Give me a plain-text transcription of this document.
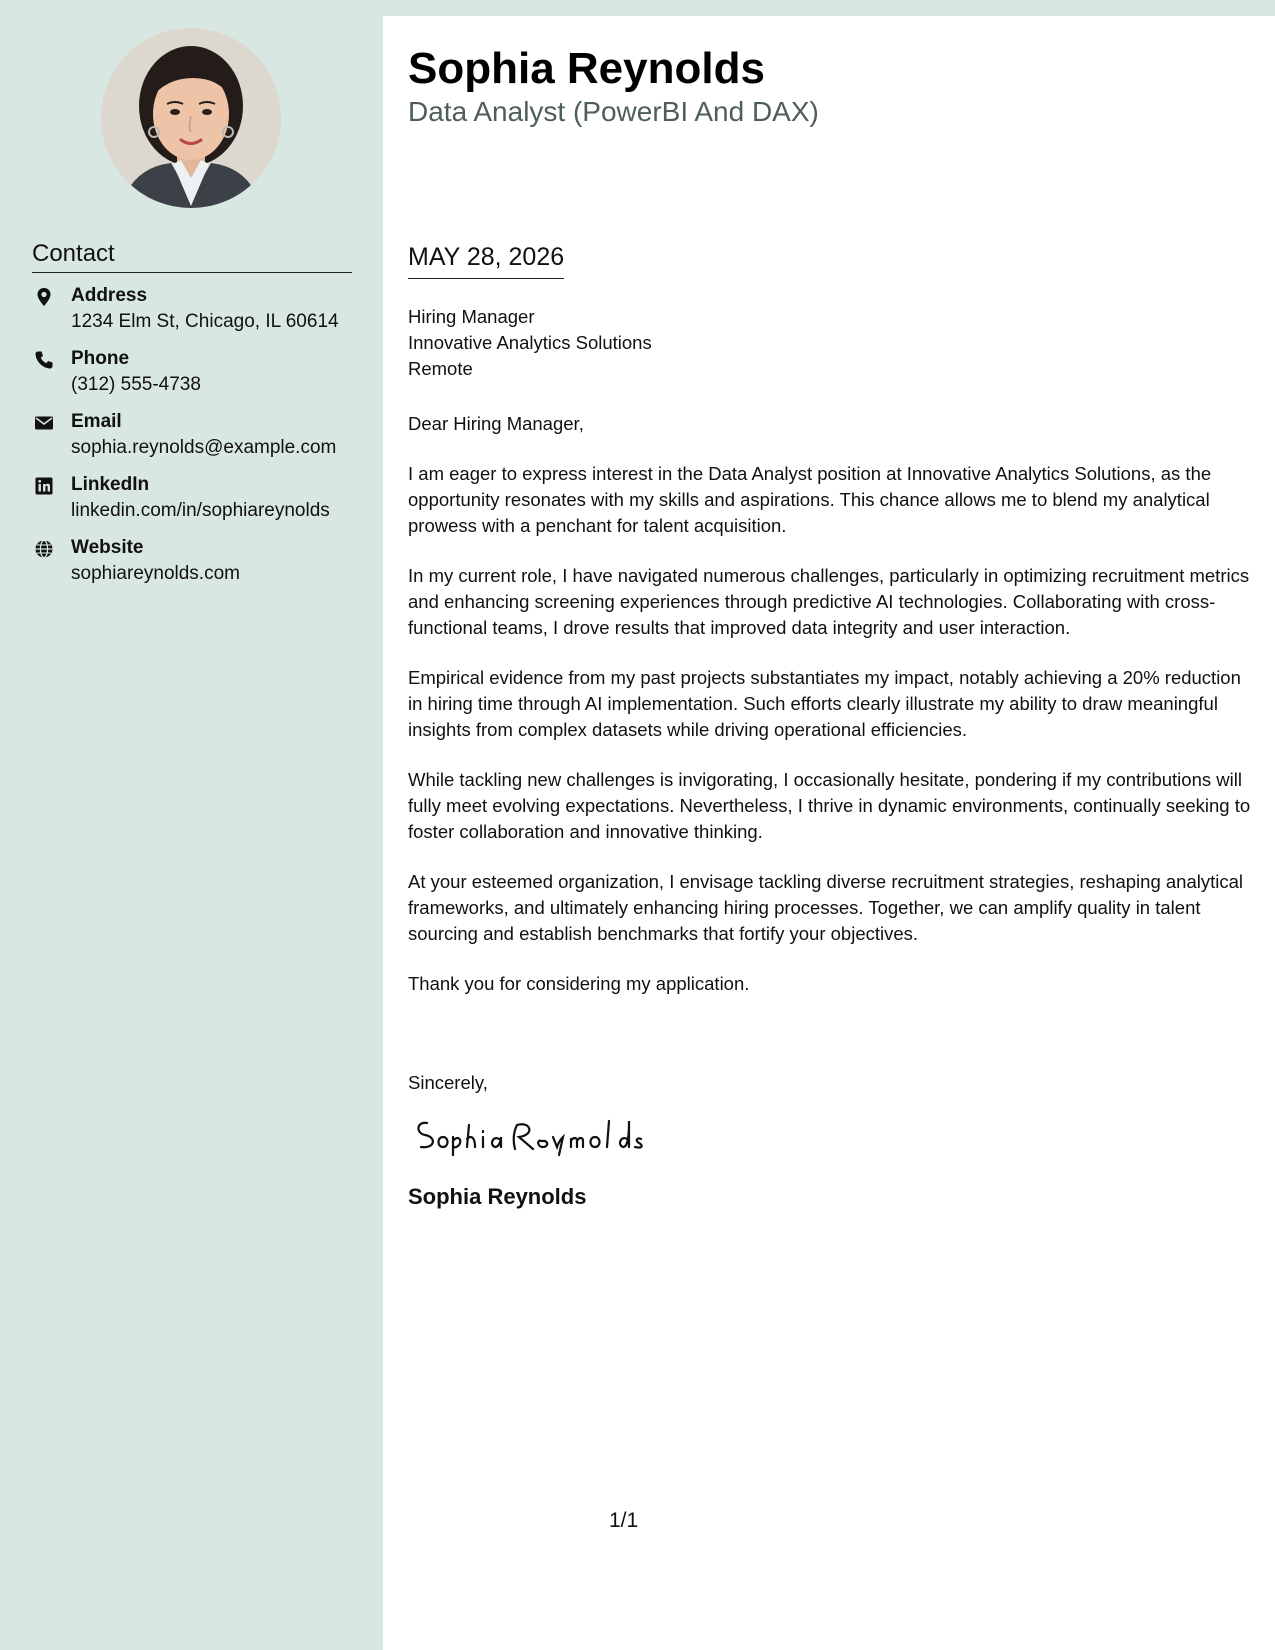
Contact
Address
1234 Elm St, Chicago, IL 60614
Phone
(312) 555-4738
Email
sophia.reynolds@example.com
LinkedIn
linkedin.com/in/sophiareynolds
Website
sophiareynolds.com
Sophia Reynolds
Data Analyst (PowerBI And DAX)
MAY 28, 2026
Hiring Manager
Innovative Analytics Solutions
Remote

Dear Hiring Manager,

I am eager to express interest in the Data Analyst position at Innovative Analytics Solutions, as the opportunity resonates with my skills and aspirations. This chance allows me to blend my analytical prowess with a penchant for talent acquisition.

In my current role, I have navigated numerous challenges, particularly in optimizing recruitment metrics and enhancing screening experiences through predictive AI technologies. Collaborating with cross-functional teams, I drove results that improved data integrity and user interaction.

Empirical evidence from my past projects substantiates my impact, notably achieving a 20% reduction in hiring time through AI implementation. Such efforts clearly illustrate my ability to draw meaningful insights from complex datasets while driving operational efficiencies.

While tackling new challenges is invigorating, I occasionally hesitate, pondering if my contributions will fully meet evolving expectations. Nevertheless, I thrive in dynamic environments, continually seeking to foster collaboration and innovative thinking.

At your esteemed organization, I envisage tackling diverse recruitment strategies, reshaping analytical frameworks, and ultimately enhancing hiring processes. Together, we can amplify quality in talent sourcing and establish benchmarks that fortify your objectives.

Thank you for considering my application.

Sincerely,
Sophia Reynolds
1/1
